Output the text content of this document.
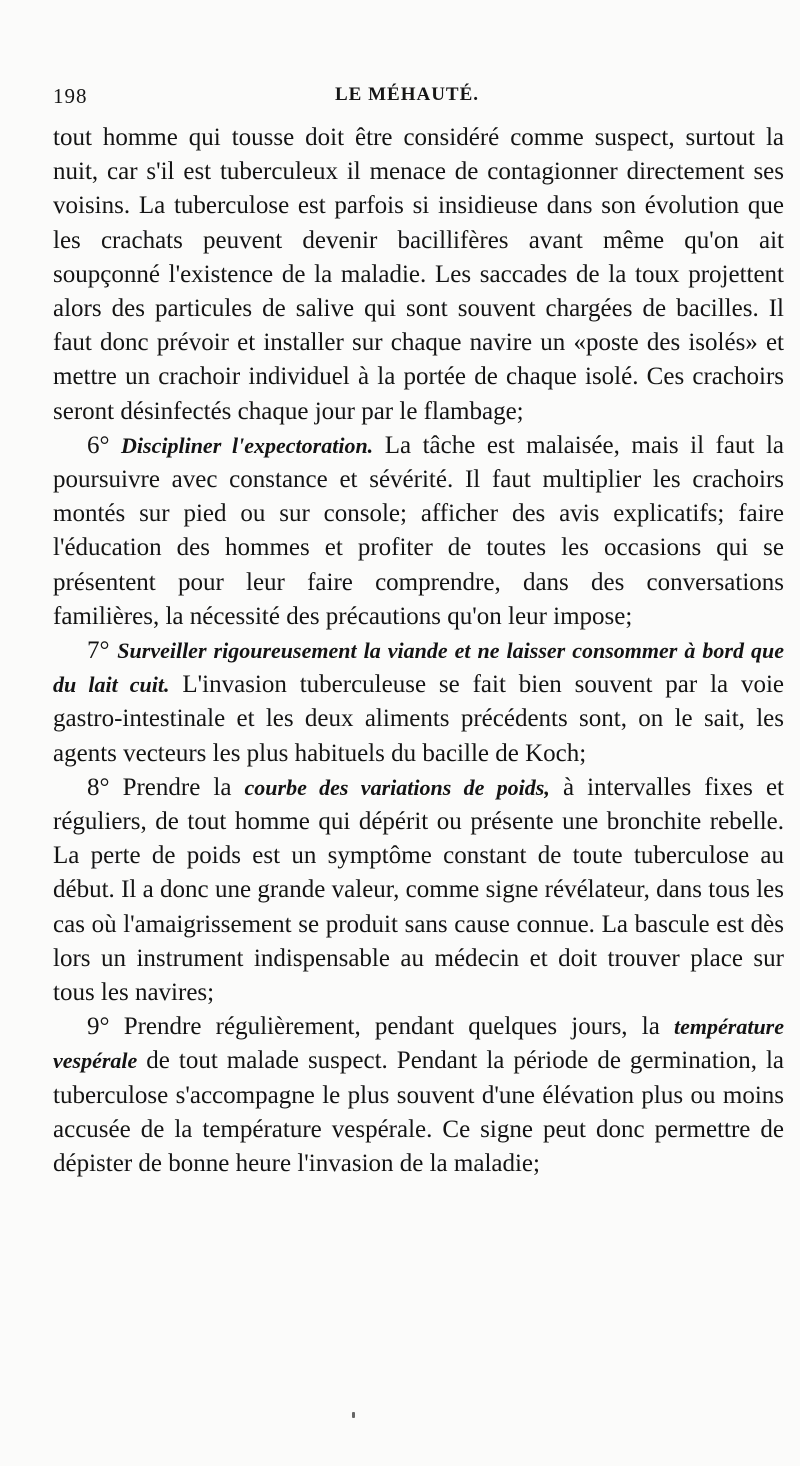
198	LE MÉHAUTÉ.

tout homme qui tousse doit être considéré comme suspect, surtout la nuit, car s'il est tuberculeux il menace de contagionner directement ses voisins. La tuberculose est parfois si insidieuse dans son évolution que les crachats peuvent devenir bacillifères avant même qu'on ait soupçonné l'existence de la maladie. Les saccades de la toux projettent alors des particules de salive qui sont souvent chargées de bacilles. Il faut donc prévoir et installer sur chaque navire un «poste des isolés» et mettre un crachoir individuel à la portée de chaque isolé. Ces crachoirs seront désinfectés chaque jour par le flambage;

6° Discipliner l'expectoration. La tâche est malaisée, mais il faut la poursuivre avec constance et sévérité. Il faut multiplier les crachoirs montés sur pied ou sur console; afficher des avis explicatifs; faire l'éducation des hommes et profiter de toutes les occasions qui se présentent pour leur faire comprendre, dans des conversations familières, la nécessité des précautions qu'on leur impose;

7° Surveiller rigoureusement la viande et ne laisser consommer à bord que du lait cuit. L'invasion tuberculeuse se fait bien souvent par la voie gastro-intestinale et les deux aliments précédents sont, on le sait, les agents vecteurs les plus habituels du bacille de Koch;

8° Prendre la courbe des variations de poids, à intervalles fixes et réguliers, de tout homme qui dépérit ou présente une bronchite rebelle. La perte de poids est un symptôme constant de toute tuberculose au début. Il a donc une grande valeur, comme signe révélateur, dans tous les cas où l'amaigrissement se produit sans cause connue. La bascule est dès lors un instrument indispensable au médecin et doit trouver place sur tous les navires;

9° Prendre régulièrement, pendant quelques jours, la température vespérale de tout malade suspect. Pendant la période de germination, la tuberculose s'accompagne le plus souvent d'une élévation plus ou moins accusée de la température vespérale. Ce signe peut donc permettre de dépister de bonne heure l'invasion de la maladie;
